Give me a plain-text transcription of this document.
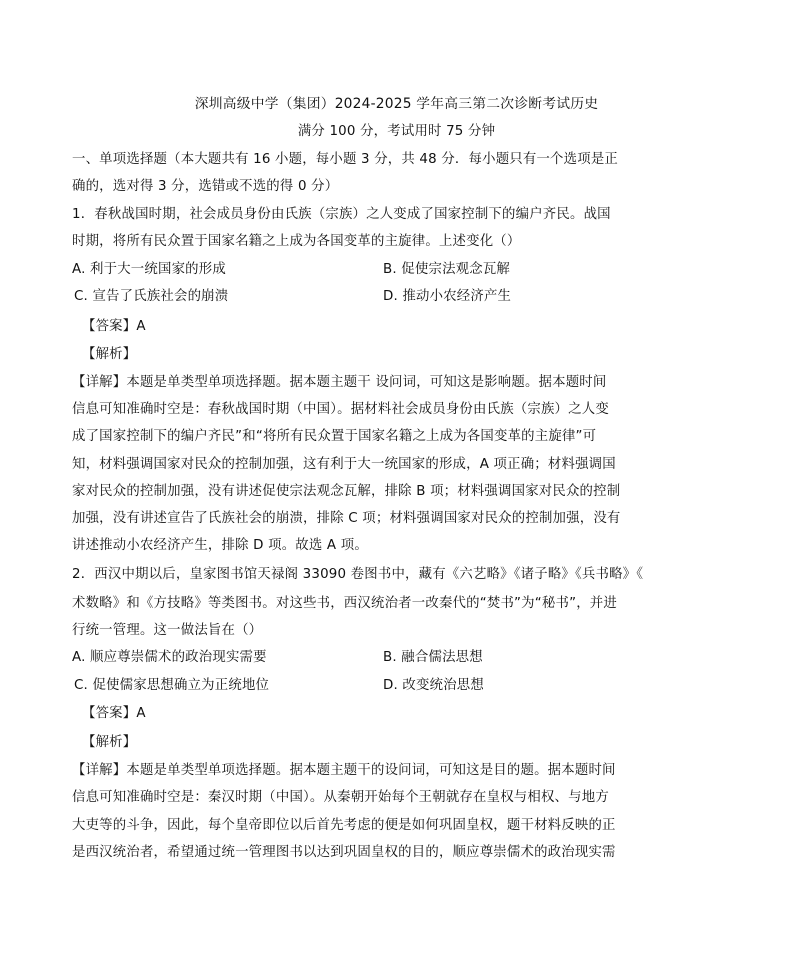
深圳高级中学（集团）2024-2025 学年高三第二次诊断考试历史
满分 100 分，考试用时 75 分钟
一、单项选择题（本大题共有 16 小题，每小题 3 分，共 48 分．每小题只有一个选项是正
确的，选对得 3 分，选错或不选的得 0 分）
1．春秋战国时期，社会成员身份由氏族（宗族）之人变成了国家控制下的编户齐民。战国
时期，将所有民众置于国家名籍之上成为各国变革的主旋律。上述变化（）
A. 利于大一统国家的形成	B. 促使宗法观念瓦解
C. 宣告了氏族社会的崩溃	D. 推动小农经济产生
【答案】A
【解析】
【详解】本题是单类型单项选择题。据本题主题干 设问词，可知这是影响题。据本题时间
信息可知准确时空是：春秋战国时期（中国）。据材料社会成员身份由氏族（宗族）之人变
成了国家控制下的编户齐民”和“将所有民众置于国家名籍之上成为各国变革的主旋律”可
知，材料强调国家对民众的控制加强，这有利于大一统国家的形成，A 项正确；材料强调国
家对民众的控制加强，没有讲述促使宗法观念瓦解，排除 B 项；材料强调国家对民众的控制
加强，没有讲述宣告了氏族社会的崩溃，排除 C 项；材料强调国家对民众的控制加强，没有
讲述推动小农经济产生，排除 D 项。故选 A 项。
2．西汉中期以后，皇家图书馆天禄阁 33090 卷图书中，藏有《六艺略》《诸子略》《兵书略》《
术数略》和《方技略》等类图书。对这些书，西汉统治者一改秦代的“焚书”为“秘书”，并进
行统一管理。这一做法旨在（）
A. 顺应尊崇儒术的政治现实需要	B. 融合儒法思想
C. 促使儒家思想确立为正统地位	D. 改变统治思想
【答案】A
【解析】
【详解】本题是单类型单项选择题。据本题主题干的设问词，可知这是目的题。据本题时间
信息可知准确时空是：秦汉时期（中国）。从秦朝开始每个王朝就存在皇权与相权、与地方
大吏等的斗争，因此，每个皇帝即位以后首先考虑的便是如何巩固皇权，题干材料反映的正
是西汉统治者，希望通过统一管理图书以达到巩固皇权的目的，顺应尊崇儒术的政治现实需
